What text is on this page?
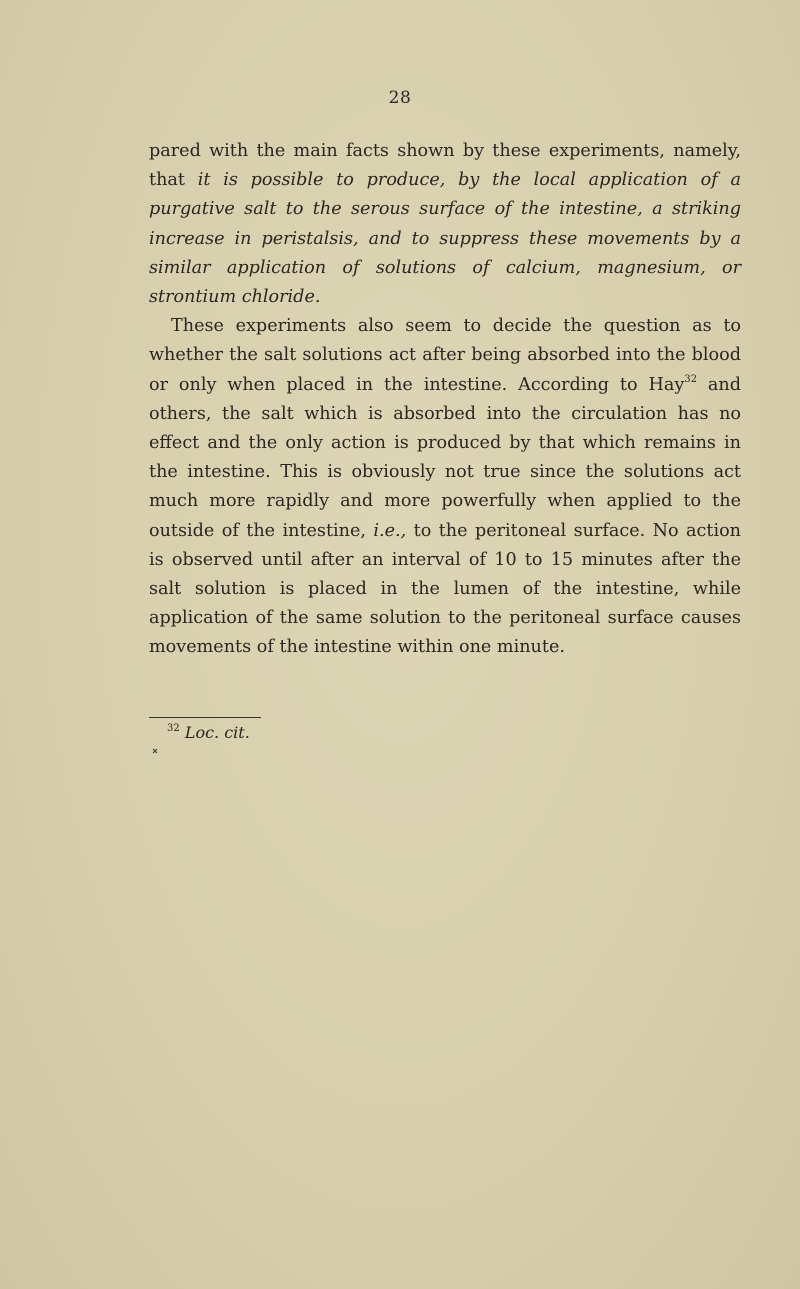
28

pared with the main facts shown by these experiments, namely, that it is possible to produce, by the local application of a purgative salt to the serous surface of the intestine, a striking increase in peristalsis, and to suppress these movements by a similar application of solutions of calcium, magnesium, or strontium chloride.

These experiments also seem to decide the question as to whether the salt solutions act after being absorbed into the blood or only when placed in the intestine. According to Hay$^{32}$ and others, the salt which is absorbed into the circulation has no effect and the only action is produced by that which remains in the intestine. This is obviously not true since the solutions act much more rapidly and more powerfully when applied to the outside of the intestine, i.e., to the peritoneal surface. No action is observed until after an interval of 10 to 15 minutes after the salt solution is placed in the lumen of the intestine, while application of the same solution to the peritoneal surface causes movements of the intestine within one minute.

$^{32}$ Loc. cit.
